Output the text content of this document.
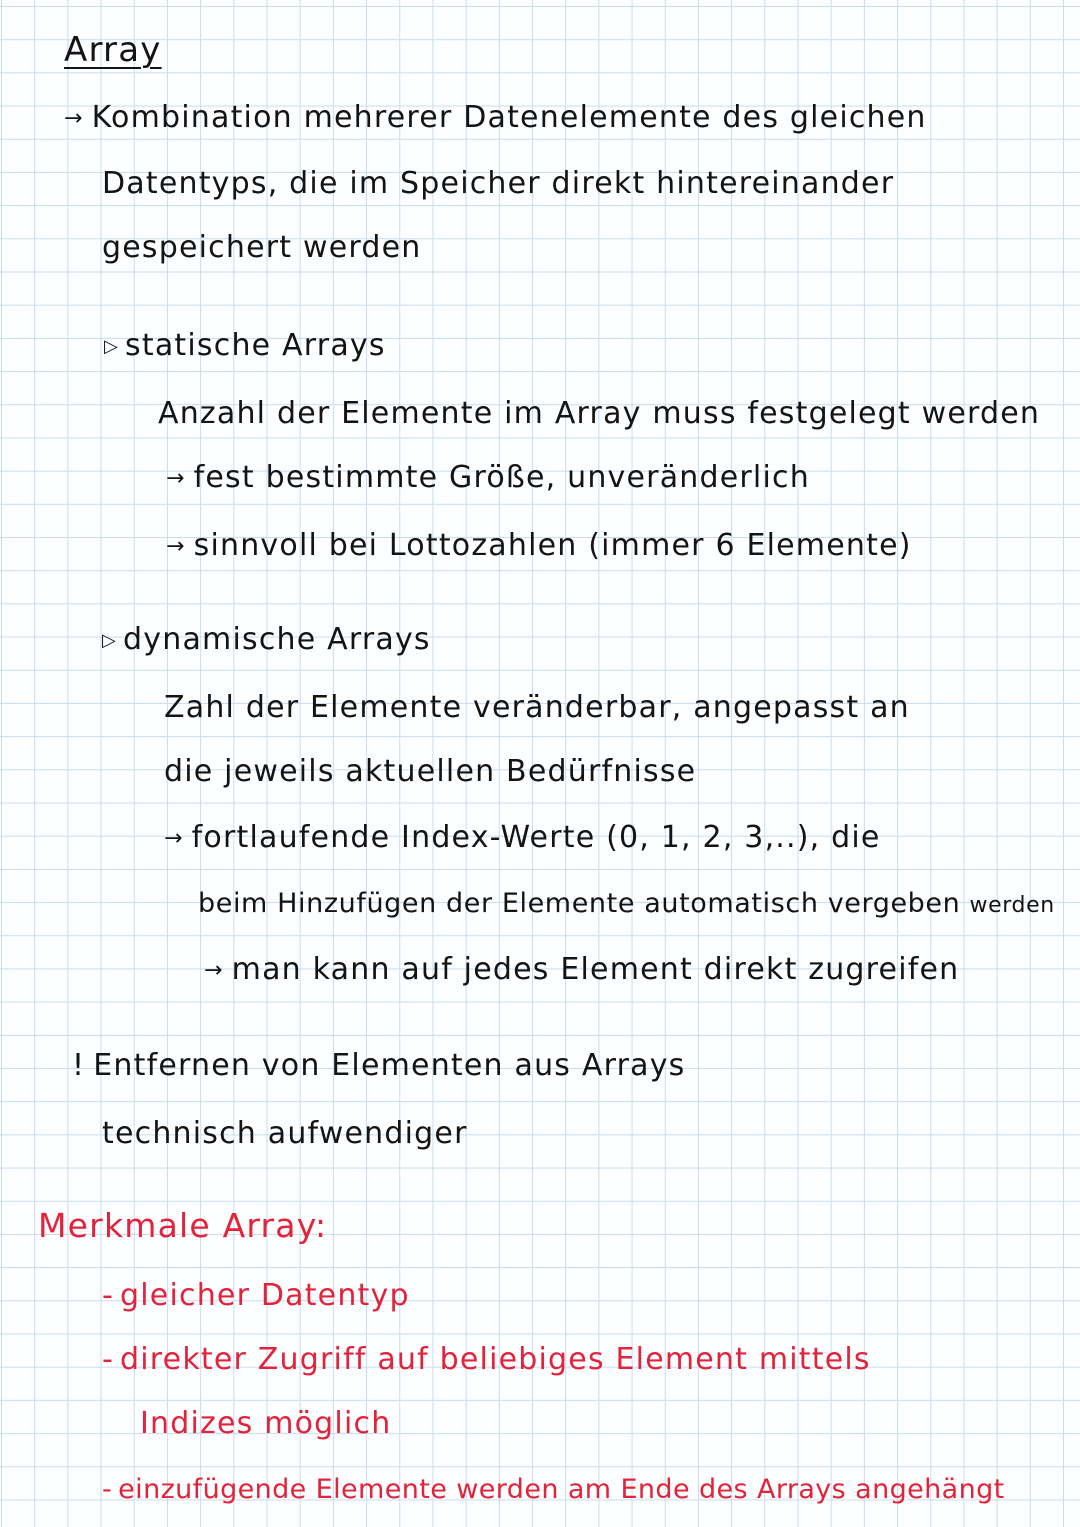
Array
→ Kombination mehrerer Datenelemente des gleichen
Datentyps, die im Speicher direkt hintereinander
gespeichert werden
▷ statische Arrays
Anzahl der Elemente im Array muss festgelegt werden
→ fest bestimmte Größe, unveränderlich
→ sinnvoll bei Lottozahlen (immer 6 Elemente)
▷ dynamische Arrays
Zahl der Elemente veränderbar, angepasst an
die jeweils aktuellen Bedürfnisse
→ fortlaufende Index-Werte (0, 1, 2, 3,..), die
beim Hinzufügen der Elemente automatisch vergeben werden
→ man kann auf jedes Element direkt zugreifen
! Entfernen von Elementen aus Arrays
technisch aufwendiger
Merkmale Array:
- gleicher Datentyp
- direkter Zugriff auf beliebiges Element mittels
Indizes möglich
- einzufügende Elemente werden am Ende des Arrays angehängt
